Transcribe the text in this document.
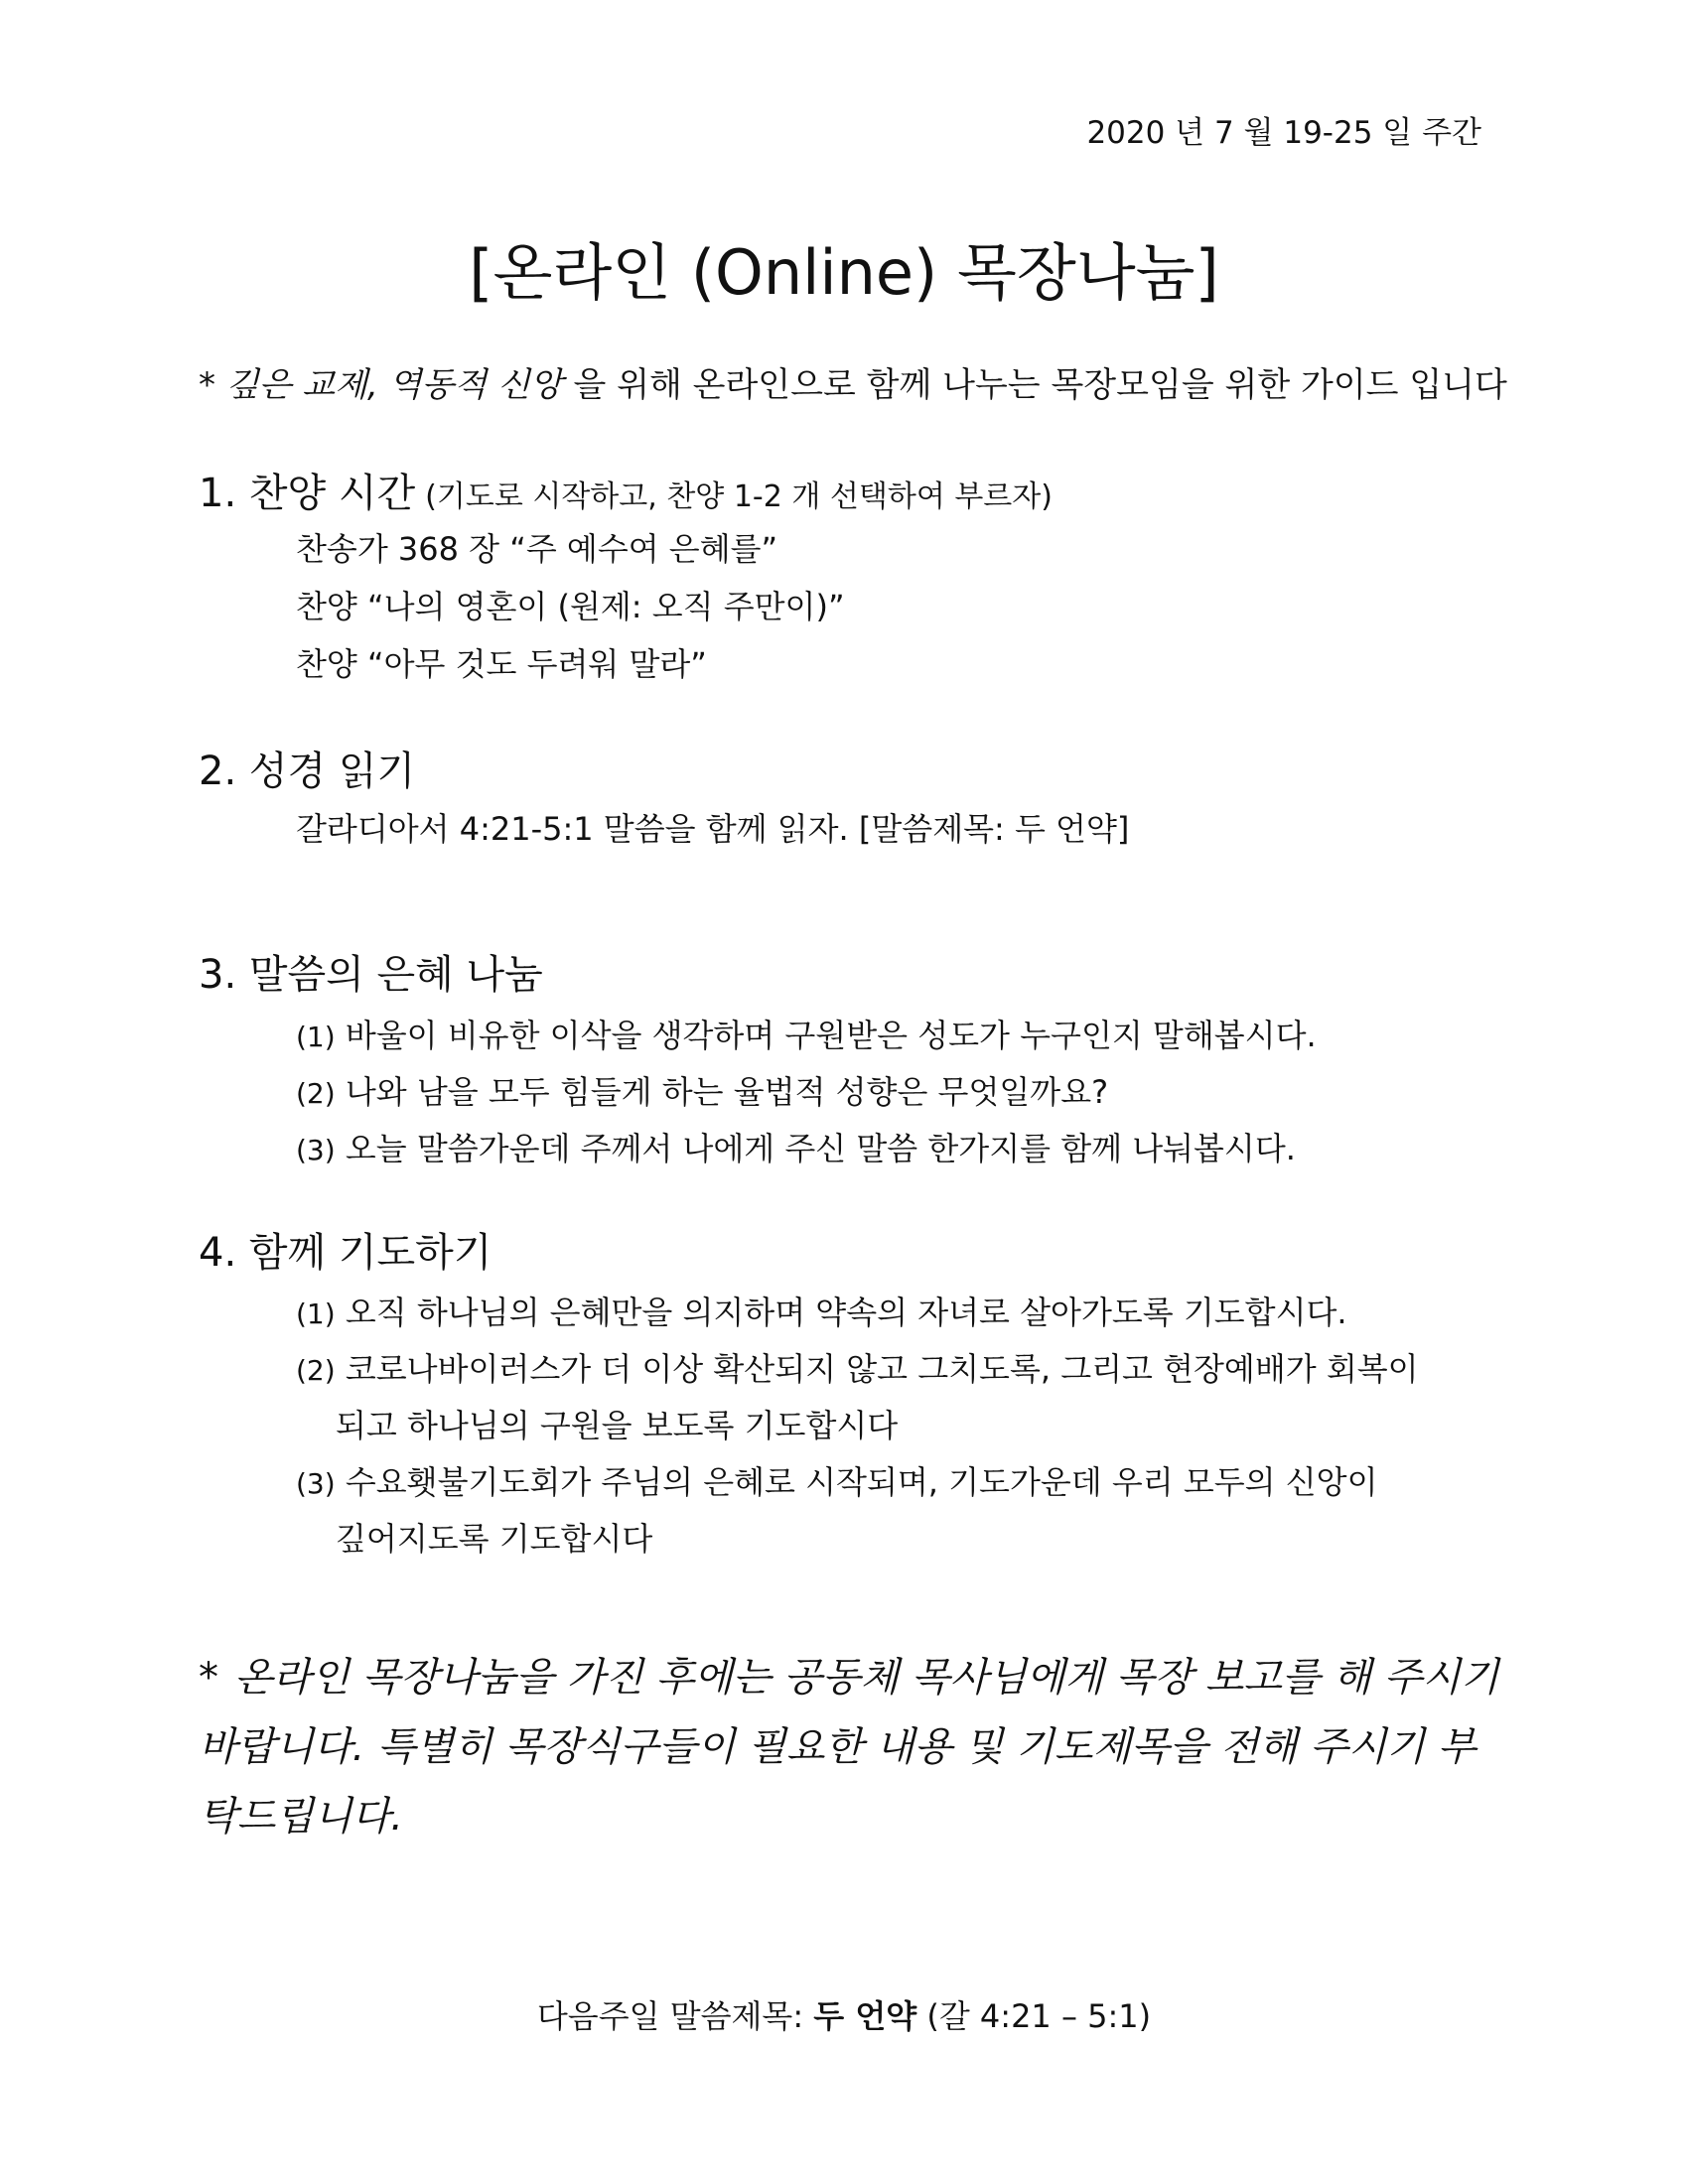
2020 년 7 월 19-25 일 주간
[온라인 (Online) 목장나눔]
* 깊은 교제, 역동적 신앙 을 위해 온라인으로 함께 나누는 목장모임을 위한 가이드 입니다
1. 찬양 시간 (기도로 시작하고, 찬양 1-2 개 선택하여 부르자)
찬송가 368 장 “주 예수여 은혜를”
찬양 “나의 영혼이 (원제: 오직 주만이)”
찬양 “아무 것도 두려워 말라”
2. 성경 읽기
갈라디아서 4:21-5:1 말씀을 함께 읽자. [말씀제목: 두 언약]
3. 말씀의 은혜 나눔
(1) 바울이 비유한 이삭을 생각하며 구원받은 성도가 누구인지 말해봅시다.
(2) 나와 남을 모두 힘들게 하는 율법적 성향은 무엇일까요?
(3) 오늘 말씀가운데 주께서 나에게 주신 말씀 한가지를 함께 나눠봅시다.
4. 함께 기도하기
(1) 오직 하나님의 은혜만을 의지하며 약속의 자녀로 살아가도록 기도합시다.
(2) 코로나바이러스가 더 이상 확산되지 않고 그치도록, 그리고 현장예배가 회복이
되고 하나님의 구원을 보도록 기도합시다
(3) 수요횃불기도회가 주님의 은혜로 시작되며, 기도가운데 우리 모두의 신앙이
깊어지도록 기도합시다
* 온라인 목장나눔을 가진 후에는 공동체 목사님에게 목장 보고를 해 주시기 바랍니다. 특별히 목장식구들이 필요한 내용 및 기도제목을 전해 주시기 부탁드립니다.
다음주일 말씀제목: 두 언약 (갈 4:21 – 5:1)
